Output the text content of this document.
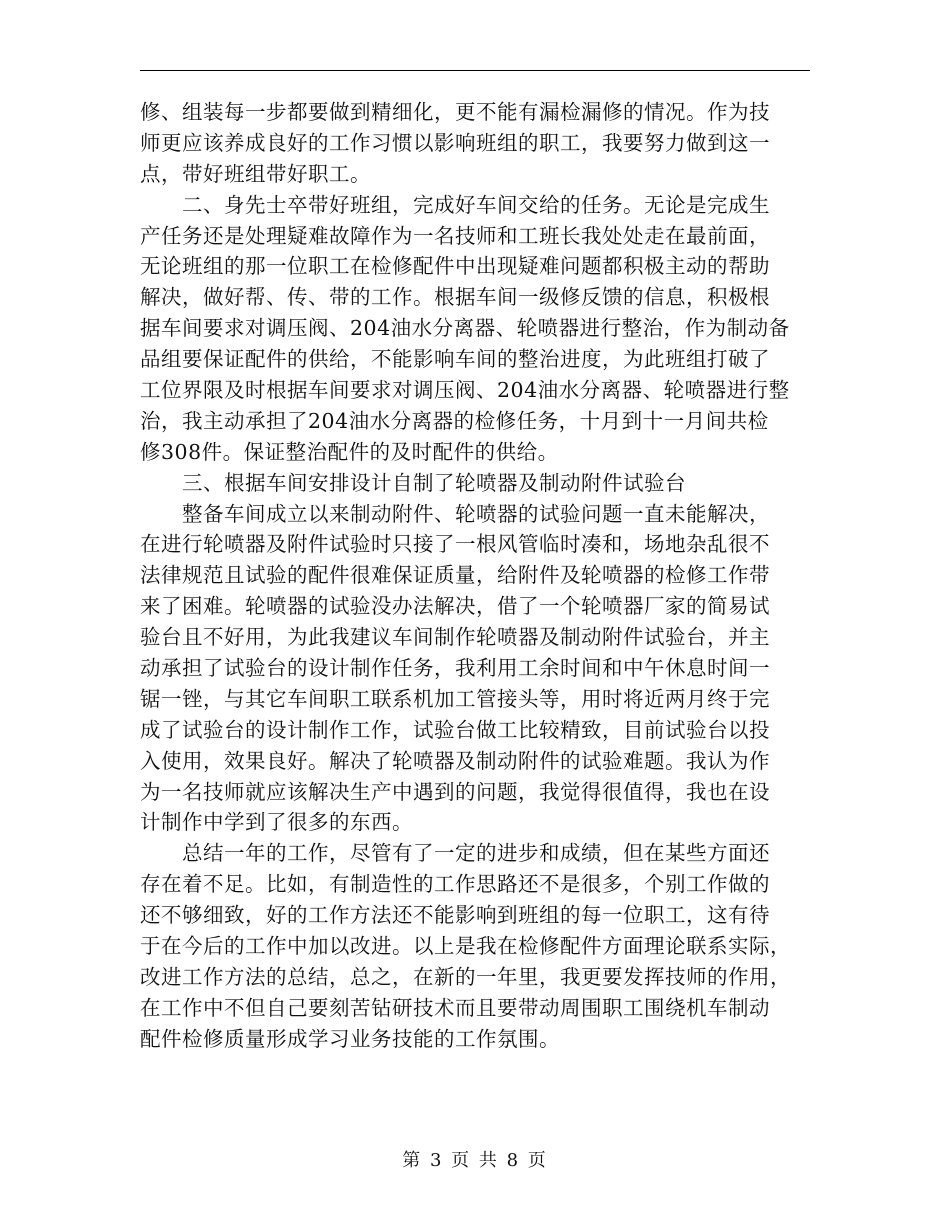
修、组装每一步都要做到精细化，更不能有漏检漏修的情况。作为技
师更应该养成良好的工作习惯以影响班组的职工，我要努力做到这一
点，带好班组带好职工。
　　二、身先士卒带好班组，完成好车间交给的任务。无论是完成生
产任务还是处理疑难故障作为一名技师和工班长我处处走在最前面，
无论班组的那一位职工在检修配件中出现疑难问题都积极主动的帮助
解决，做好帮、传、带的工作。根据车间一级修反馈的信息，积极根
据车间要求对调压阀、204油水分离器、轮喷器进行整治，作为制动备
品组要保证配件的供给，不能影响车间的整治进度，为此班组打破了
工位界限及时根据车间要求对调压阀、204油水分离器、轮喷器进行整
治，我主动承担了204油水分离器的检修任务，十月到十一月间共检
修308件。保证整治配件的及时配件的供给。
　　三、根据车间安排设计自制了轮喷器及制动附件试验台
　　整备车间成立以来制动附件、轮喷器的试验问题一直未能解决，
在进行轮喷器及附件试验时只接了一根风管临时凑和，场地杂乱很不
法律规范且试验的配件很难保证质量，给附件及轮喷器的检修工作带
来了困难。轮喷器的试验没办法解决，借了一个轮喷器厂家的简易试
验台且不好用，为此我建议车间制作轮喷器及制动附件试验台，并主
动承担了试验台的设计制作任务，我利用工余时间和中午休息时间一
锯一锉，与其它车间职工联系机加工管接头等，用时将近两月终于完
成了试验台的设计制作工作，试验台做工比较精致，目前试验台以投
入使用，效果良好。解决了轮喷器及制动附件的试验难题。我认为作
为一名技师就应该解决生产中遇到的问题，我觉得很值得，我也在设
计制作中学到了很多的东西。
　　总结一年的工作，尽管有了一定的进步和成绩，但在某些方面还
存在着不足。比如，有制造性的工作思路还不是很多，个别工作做的
还不够细致，好的工作方法还不能影响到班组的每一位职工，这有待
于在今后的工作中加以改进。以上是我在检修配件方面理论联系实际，
改进工作方法的总结，总之，在新的一年里，我更要发挥技师的作用，
在工作中不但自己要刻苦钻研技术而且要带动周围职工围绕机车制动
配件检修质量形成学习业务技能的工作氛围。
第 3 页 共 8 页
